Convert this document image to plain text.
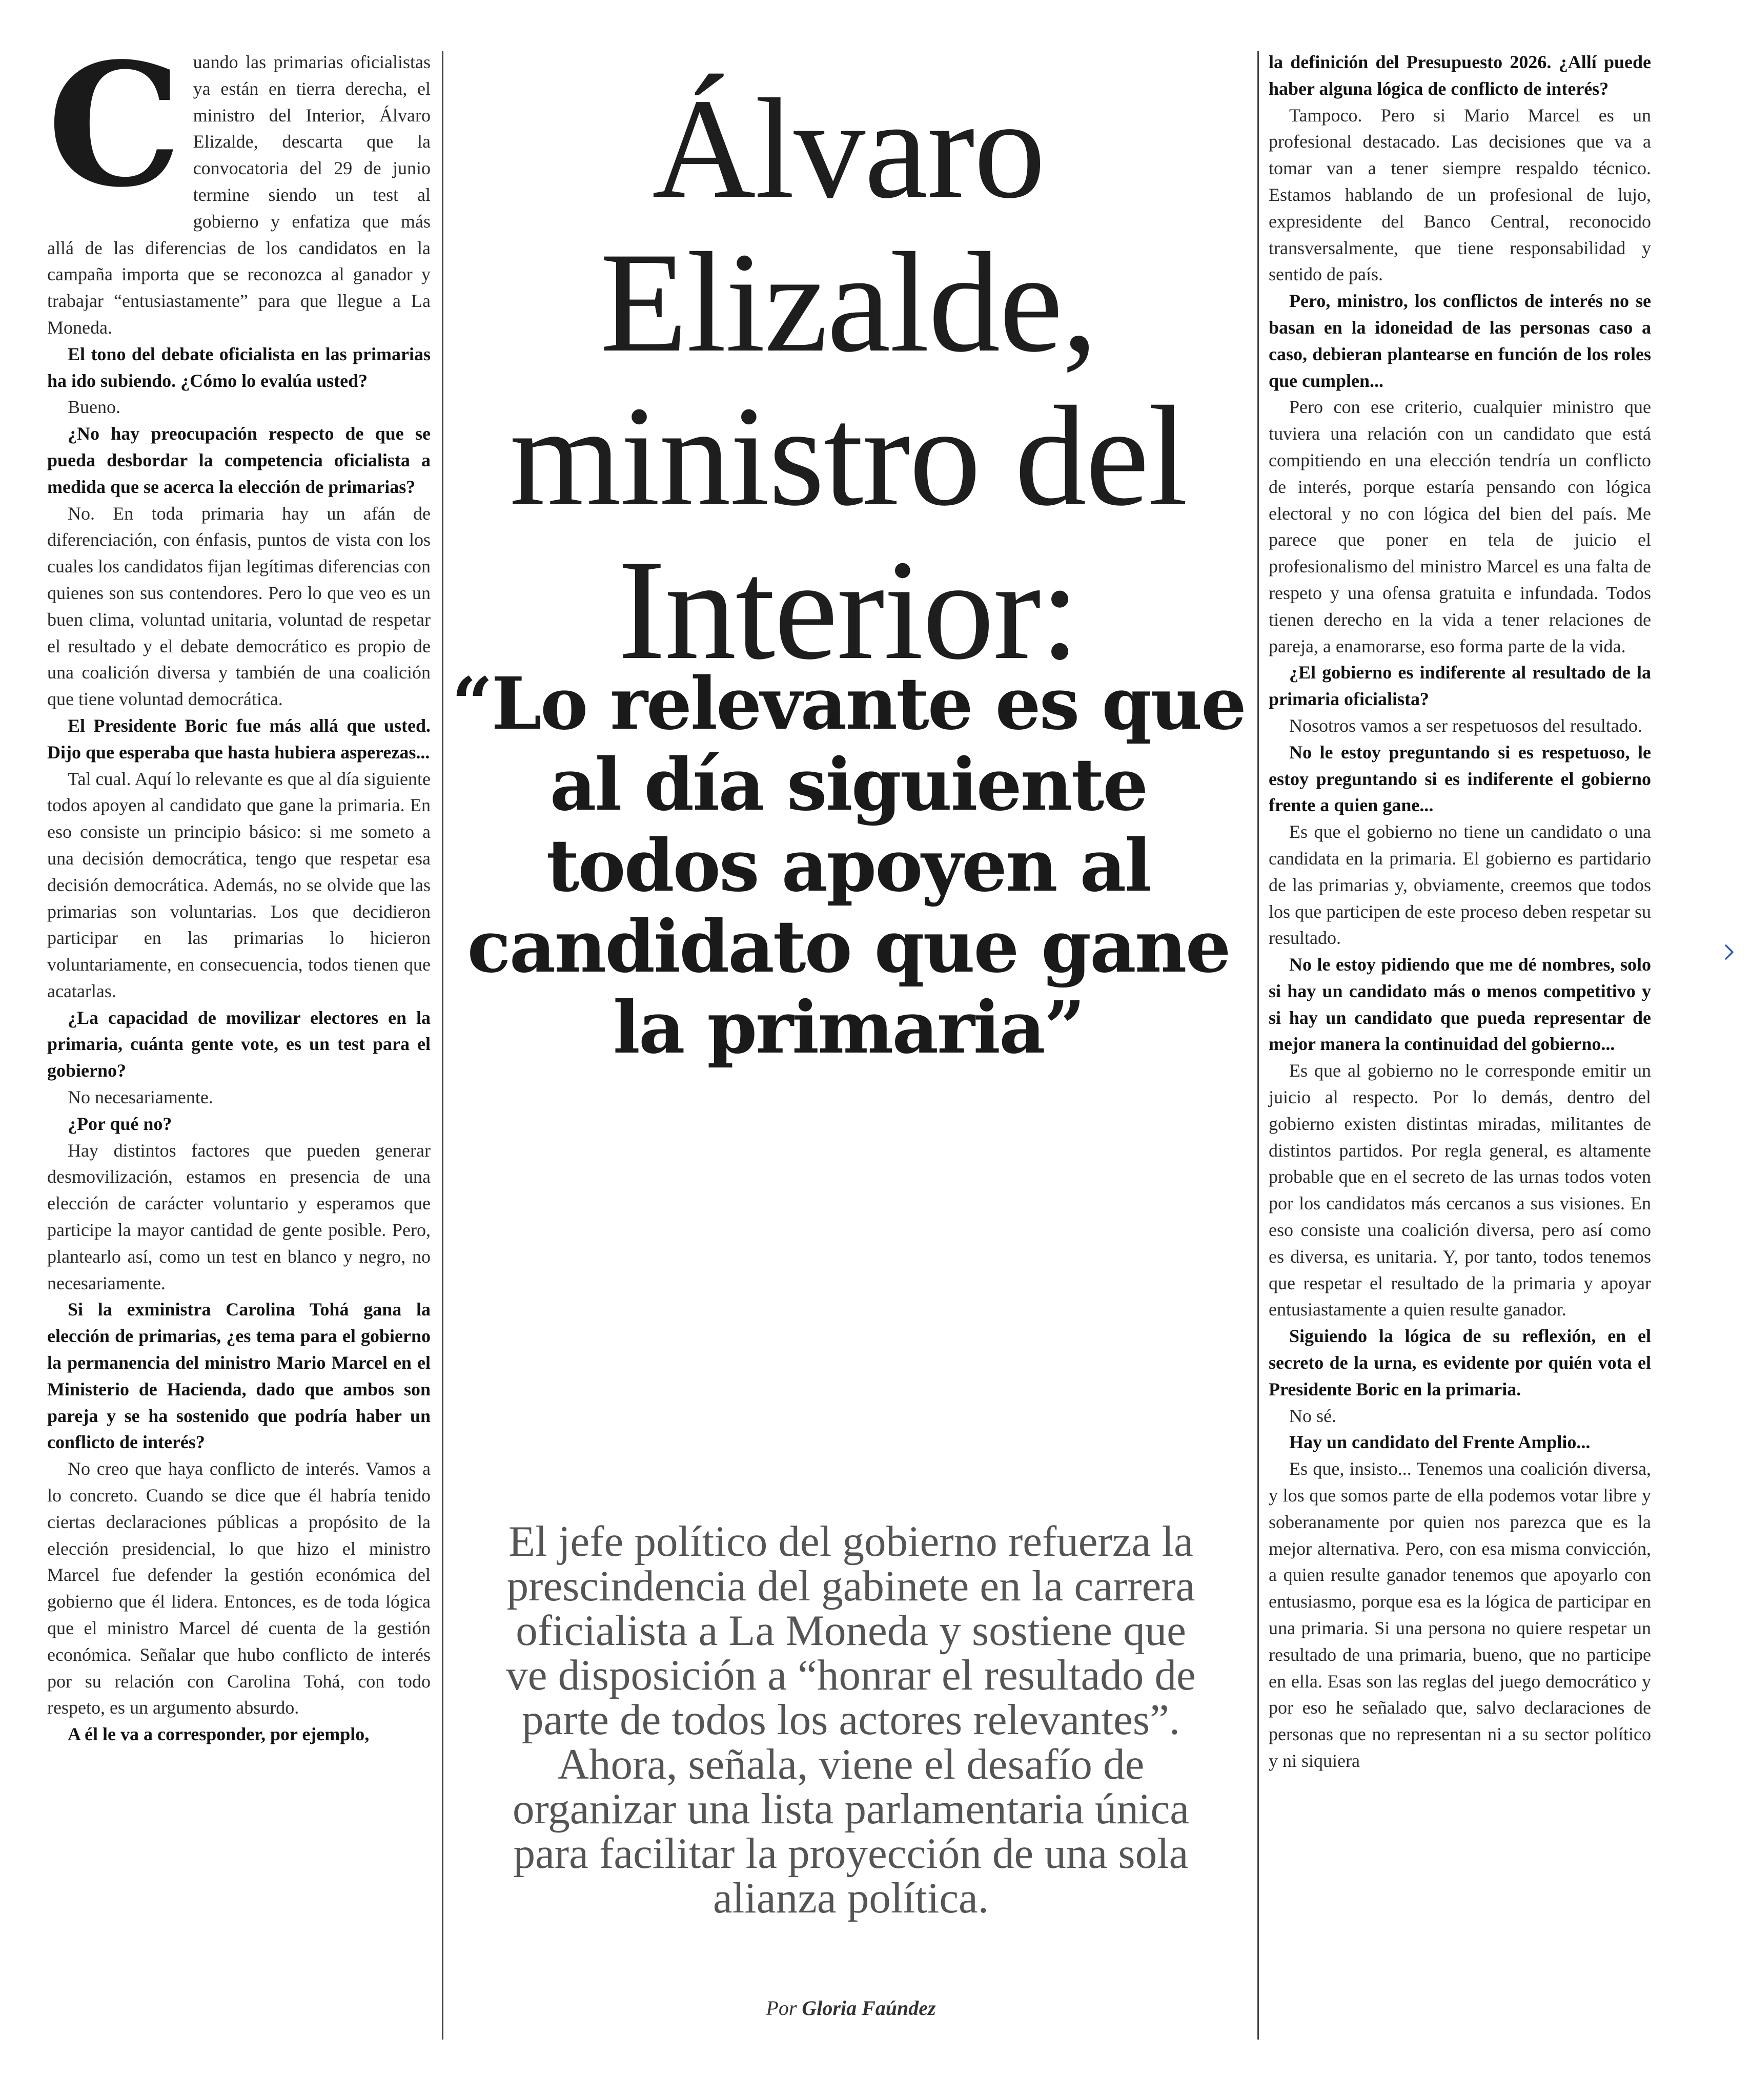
C uando las primarias oficialistas ya están en tierra derecha, el ministro del Interior, Álvaro Elizalde, descarta que la convocatoria del 29 de junio termine siendo un test al gobierno y enfatiza que más allá de las diferencias de los candidatos en la campaña importa que se reconozca al ganador y trabajar “entusiastamente” para que llegue a La Moneda.

El tono del debate oficialista en las primarias ha ido subiendo. ¿Cómo lo evalúa usted?

Bueno.

¿No hay preocupación respecto de que se pueda desbordar la competencia oficialista a medida que se acerca la elección de primarias?

No. En toda primaria hay un afán de diferenciación, con énfasis, puntos de vista con los cuales los candidatos fijan legítimas diferencias con quienes son sus contendores. Pero lo que veo es un buen clima, voluntad unitaria, voluntad de respetar el resultado y el debate democrático es propio de una coalición diversa y también de una coalición que tiene voluntad democrática.

El Presidente Boric fue más allá que usted. Dijo que esperaba que hasta hubiera asperezas...

Tal cual. Aquí lo relevante es que al día siguiente todos apoyen al candidato que gane la primaria. En eso consiste un principio básico: si me someto a una decisión democrática, tengo que respetar esa decisión democrática. Además, no se olvide que las primarias son voluntarias. Los que decidieron participar en las primarias lo hicieron voluntariamente, en consecuencia, todos tienen que acatarlas.

¿La capacidad de movilizar electores en la primaria, cuánta gente vote, es un test para el gobierno?

No necesariamente.

¿Por qué no?

Hay distintos factores que pueden generar desmovilización, estamos en presencia de una elección de carácter voluntario y esperamos que participe la mayor cantidad de gente posible. Pero, plantearlo así, como un test en blanco y negro, no necesariamente.

Si la exministra Carolina Tohá gana la elección de primarias, ¿es tema para el gobierno la permanencia del ministro Mario Marcel en el Ministerio de Hacienda, dado que ambos son pareja y se ha sostenido que podría haber un conflicto de interés?

No creo que haya conflicto de interés. Vamos a lo concreto. Cuando se dice que él habría tenido ciertas declaraciones públicas a propósito de la elección presidencial, lo que hizo el ministro Marcel fue defender la gestión económica del gobierno que él lidera. Entonces, es de toda lógica que el ministro Marcel dé cuenta de la gestión económica. Señalar que hubo conflicto de interés por su relación con Carolina Tohá, con todo respeto, es un argumento absurdo.

A él le va a corresponder, por ejemplo,

Álvaro Elizalde, ministro del Interior:
“Lo relevante es que al día siguiente todos apoyen al candidato que gane la primaria”

El jefe político del gobierno refuerza la prescindencia del gabinete en la carrera oficialista a La Moneda y sostiene que ve disposición a “honrar el resultado de parte de todos los actores relevantes”. Ahora, señala, viene el desafío de organizar una lista parlamentaria única para facilitar la proyección de una sola alianza política.

Por Gloria Faúndez

la definición del Presupuesto 2026. ¿Allí puede haber alguna lógica de conflicto de interés?

Tampoco. Pero si Mario Marcel es un profesional destacado. Las decisiones que va a tomar van a tener siempre respaldo técnico. Estamos hablando de un profesional de lujo, expresidente del Banco Central, reconocido transversalmente, que tiene responsabilidad y sentido de país.

Pero, ministro, los conflictos de interés no se basan en la idoneidad de las personas caso a caso, debieran plantearse en función de los roles que cumplen...

Pero con ese criterio, cualquier ministro que tuviera una relación con un candidato que está compitiendo en una elección tendría un conflicto de interés, porque estaría pensando con lógica electoral y no con lógica del bien del país. Me parece que poner en tela de juicio el profesionalismo del ministro Marcel es una falta de respeto y una ofensa gratuita e infundada. Todos tienen derecho en la vida a tener relaciones de pareja, a enamorarse, eso forma parte de la vida.

¿El gobierno es indiferente al resultado de la primaria oficialista?

Nosotros vamos a ser respetuosos del resultado.

No le estoy preguntando si es respetuoso, le estoy preguntando si es indiferente el gobierno frente a quien gane...

Es que el gobierno no tiene un candidato o una candidata en la primaria. El gobierno es partidario de las primarias y, obviamente, creemos que todos los que participen de este proceso deben respetar su resultado.

No le estoy pidiendo que me dé nombres, solo si hay un candidato más o menos competitivo y si hay un candidato que pueda representar de mejor manera la continuidad del gobierno...

Es que al gobierno no le corresponde emitir un juicio al respecto. Por lo demás, dentro del gobierno existen distintas miradas, militantes de distintos partidos. Por regla general, es altamente probable que en el secreto de las urnas todos voten por los candidatos más cercanos a sus visiones. En eso consiste una coalición diversa, pero así como es diversa, es unitaria. Y, por tanto, todos tenemos que respetar el resultado de la primaria y apoyar entusiastamente a quien resulte ganador.

Siguiendo la lógica de su reflexión, en el secreto de la urna, es evidente por quién vota el Presidente Boric en la primaria.

No sé.

Hay un candidato del Frente Amplio...

Es que, insisto... Tenemos una coalición diversa, y los que somos parte de ella podemos votar libre y soberanamente por quien nos parezca que es la mejor alternativa. Pero, con esa misma convicción, a quien resulte ganador tenemos que apoyarlo con entusiasmo, porque esa es la lógica de participar en una primaria. Si una persona no quiere respetar un resultado de una primaria, bueno, que no participe en ella. Esas son las reglas del juego democrático y por eso he señalado que, salvo declaraciones de personas que no representan ni a su sector político y ni siquiera
